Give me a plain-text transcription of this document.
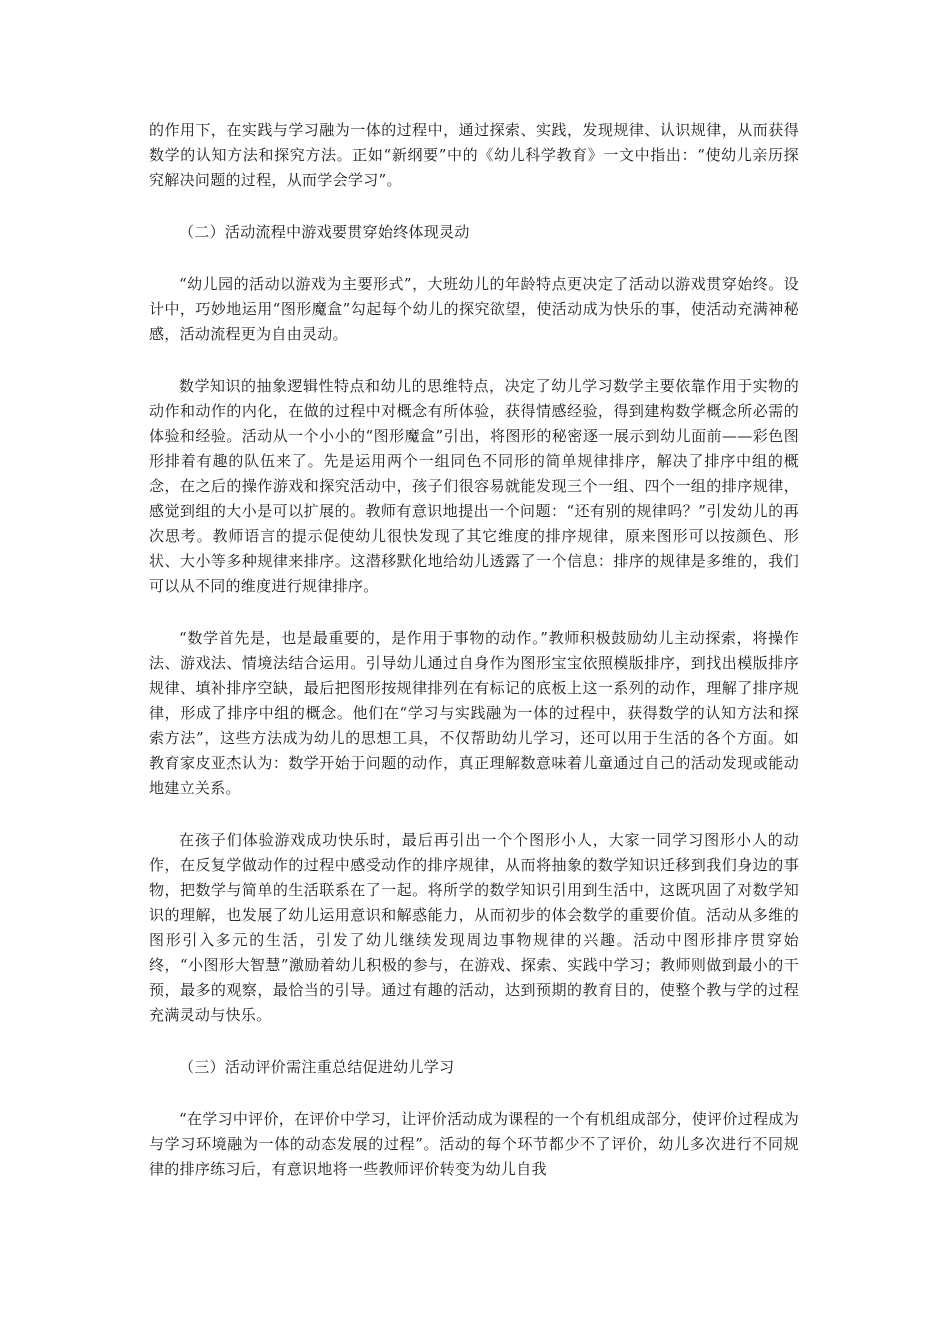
的作用下，在实践与学习融为一体的过程中，通过探索、实践，发现规律、认识规律，从而获得数学的认知方法和探究方法。正如“新纲要”中的《幼儿科学教育》一文中指出：“使幼儿亲历探究解决问题的过程，从而学会学习”。

（二）活动流程中游戏要贯穿始终体现灵动

“幼儿园的活动以游戏为主要形式”，大班幼儿的年龄特点更决定了活动以游戏贯穿始终。设计中，巧妙地运用“图形魔盒”勾起每个幼儿的探究欲望，使活动成为快乐的事，使活动充满神秘感，活动流程更为自由灵动。

数学知识的抽象逻辑性特点和幼儿的思维特点，决定了幼儿学习数学主要依靠作用于实物的动作和动作的内化，在做的过程中对概念有所体验，获得情感经验，得到建构数学概念所必需的体验和经验。活动从一个小小的“图形魔盒”引出，将图形的秘密逐一展示到幼儿面前——彩色图形排着有趣的队伍来了。先是运用两个一组同色不同形的简单规律排序，解决了排序中组的概念，在之后的操作游戏和探究活动中，孩子们很容易就能发现三个一组、四个一组的排序规律，感觉到组的大小是可以扩展的。教师有意识地提出一个问题：“还有别的规律吗？”引发幼儿的再次思考。教师语言的提示促使幼儿很快发现了其它维度的排序规律，原来图形可以按颜色、形状、大小等多种规律来排序。这潜移默化地给幼儿透露了一个信息：排序的规律是多维的，我们可以从不同的维度进行规律排序。

“数学首先是，也是最重要的，是作用于事物的动作。”教师积极鼓励幼儿主动探索，将操作法、游戏法、情境法结合运用。引导幼儿通过自身作为图形宝宝依照模版排序，到找出模版排序规律、填补排序空缺，最后把图形按规律排列在有标记的底板上这一系列的动作，理解了排序规律，形成了排序中组的概念。他们在“学习与实践融为一体的过程中，获得数学的认知方法和探索方法”，这些方法成为幼儿的思想工具，不仅帮助幼儿学习，还可以用于生活的各个方面。如教育家皮亚杰认为：数学开始于问题的动作，真正理解数意味着儿童通过自己的活动发现或能动地建立关系。

在孩子们体验游戏成功快乐时，最后再引出一个个图形小人，大家一同学习图形小人的动作，在反复学做动作的过程中感受动作的排序规律，从而将抽象的数学知识迁移到我们身边的事物，把数学与简单的生活联系在了一起。将所学的数学知识引用到生活中，这既巩固了对数学知识的理解，也发展了幼儿运用意识和解惑能力，从而初步的体会数学的重要价值。活动从多维的图形引入多元的生活，引发了幼儿继续发现周边事物规律的兴趣。活动中图形排序贯穿始终，“小图形大智慧”激励着幼儿积极的参与，在游戏、探索、实践中学习；教师则做到最小的干预，最多的观察，最恰当的引导。通过有趣的活动，达到预期的教育目的，使整个教与学的过程充满灵动与快乐。

（三）活动评价需注重总结促进幼儿学习

“在学习中评价，在评价中学习，让评价活动成为课程的一个有机组成部分，使评价过程成为与学习环境融为一体的动态发展的过程”。活动的每个环节都少不了评价，幼儿多次进行不同规律的排序练习后，有意识地将一些教师评价转变为幼儿自我
